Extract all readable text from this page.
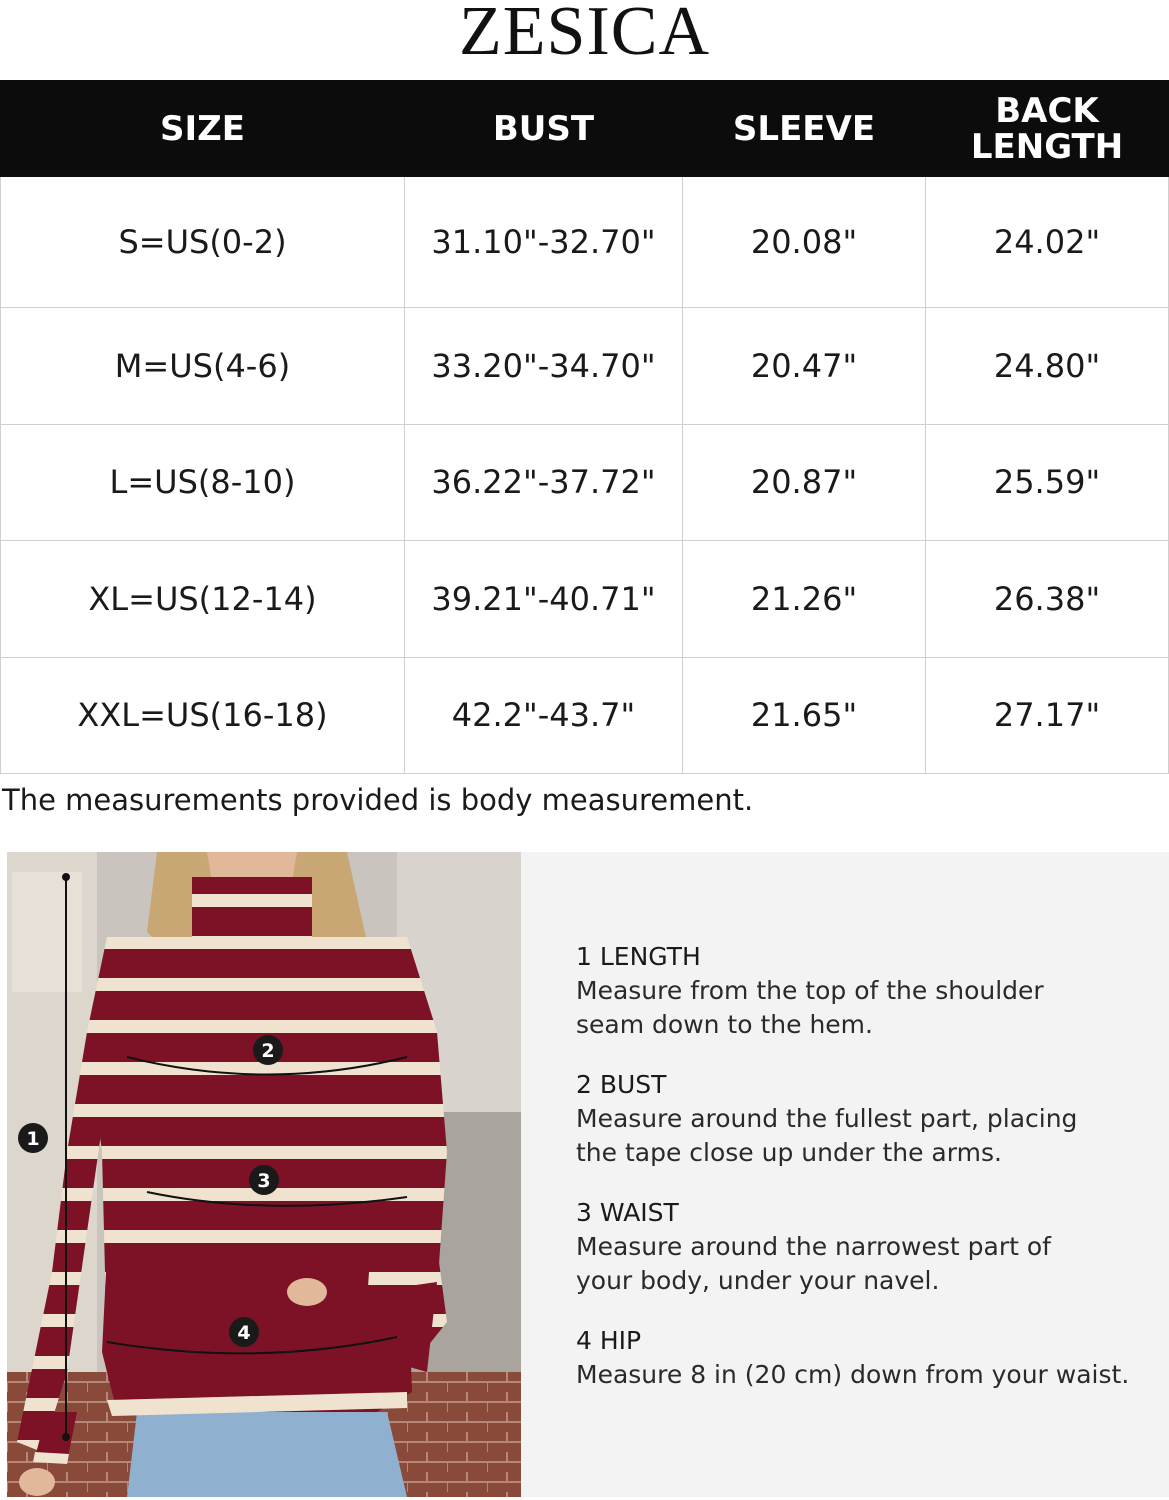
ZESICA
SIZE	BUST	SLEEVE	BACK
LENGTH

S=US(0-2)	31.10"-32.70"	20.08"	24.02"
M=US(4-6)	33.20"-34.70"	20.47"	24.80"
L=US(8-10)	36.22"-37.72"	20.87"	25.59"
XL=US(12-14)	39.21"-40.71"	21.26"	26.38"
XXL=US(16-18)	42.2"-43.7"	21.65"	27.17"
The measurements provided is body measurement.
1
2
3
4
1 LENGTH
Measure from the top of the shoulder
seam down to the hem.
2 BUST
Measure around the fullest part, placing
the tape close up under the arms.
3 WAIST
Measure around the narrowest part of
your body, under your navel.
4 HIP
Measure 8 in (20 cm) down from your waist.
